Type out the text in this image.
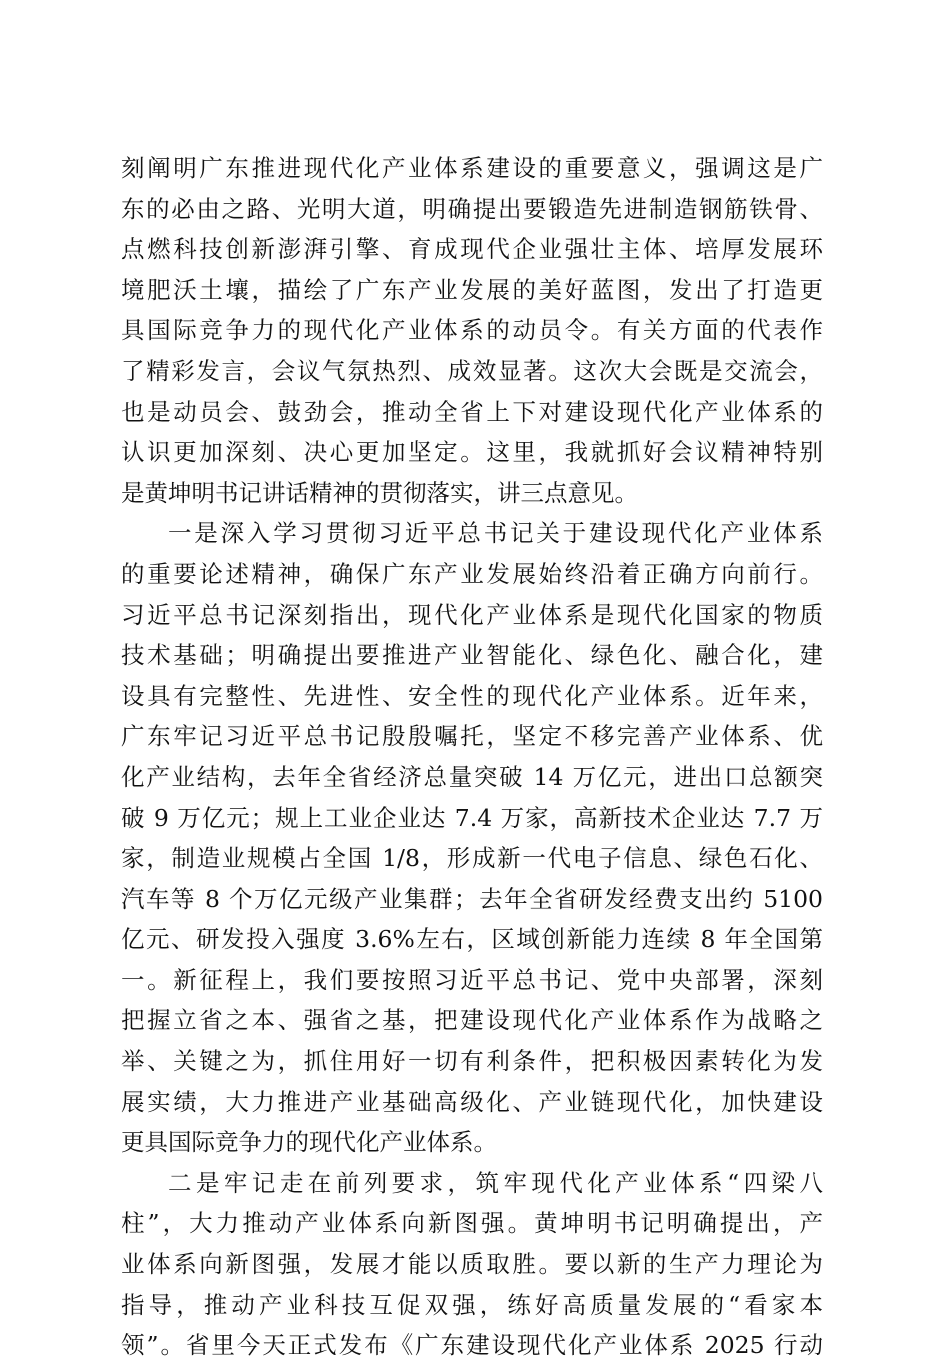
刻阐明广东推进现代化产业体系建设的重要意义，强调这是广
东的必由之路、光明大道，明确提出要锻造先进制造钢筋铁骨、
点燃科技创新澎湃引擎、育成现代企业强壮主体、培厚发展环
境肥沃土壤，描绘了广东产业发展的美好蓝图，发出了打造更
具国际竞争力的现代化产业体系的动员令。有关方面的代表作
了精彩发言，会议气氛热烈、成效显著。这次大会既是交流会，
也是动员会、鼓劲会，推动全省上下对建设现代化产业体系的
认识更加深刻、决心更加坚定。这里，我就抓好会议精神特别
是黄坤明书记讲话精神的贯彻落实，讲三点意见。
一是深入学习贯彻习近平总书记关于建设现代化产业体系
的重要论述精神，确保广东产业发展始终沿着正确方向前行。
习近平总书记深刻指出，现代化产业体系是现代化国家的物质
技术基础；明确提出要推进产业智能化、绿色化、融合化，建
设具有完整性、先进性、安全性的现代化产业体系。近年来，
广东牢记习近平总书记殷殷嘱托，坚定不移完善产业体系、优
化产业结构，去年全省经济总量突破 14 万亿元，进出口总额突
破 9 万亿元；规上工业企业达 7.4 万家，高新技术企业达 7.7 万
家，制造业规模占全国 1/8，形成新一代电子信息、绿色石化、
汽车等 8 个万亿元级产业集群；去年全省研发经费支出约 5100
亿元、研发投入强度 3.6%左右，区域创新能力连续 8 年全国第
一。新征程上，我们要按照习近平总书记、党中央部署，深刻
把握立省之本、强省之基，把建设现代化产业体系作为战略之
举、关键之为，抓住用好一切有利条件，把积极因素转化为发
展实绩，大力推进产业基础高级化、产业链现代化，加快建设
更具国际竞争力的现代化产业体系。
二是牢记走在前列要求，筑牢现代化产业体系“四梁八
柱”，大力推动产业体系向新图强。黄坤明书记明确提出，产
业体系向新图强，发展才能以质取胜。要以新的生产力理论为
指导，推动产业科技互促双强，练好高质量发展的“看家本
领”。省里今天正式发布《广东建设现代化产业体系 2025 行动
